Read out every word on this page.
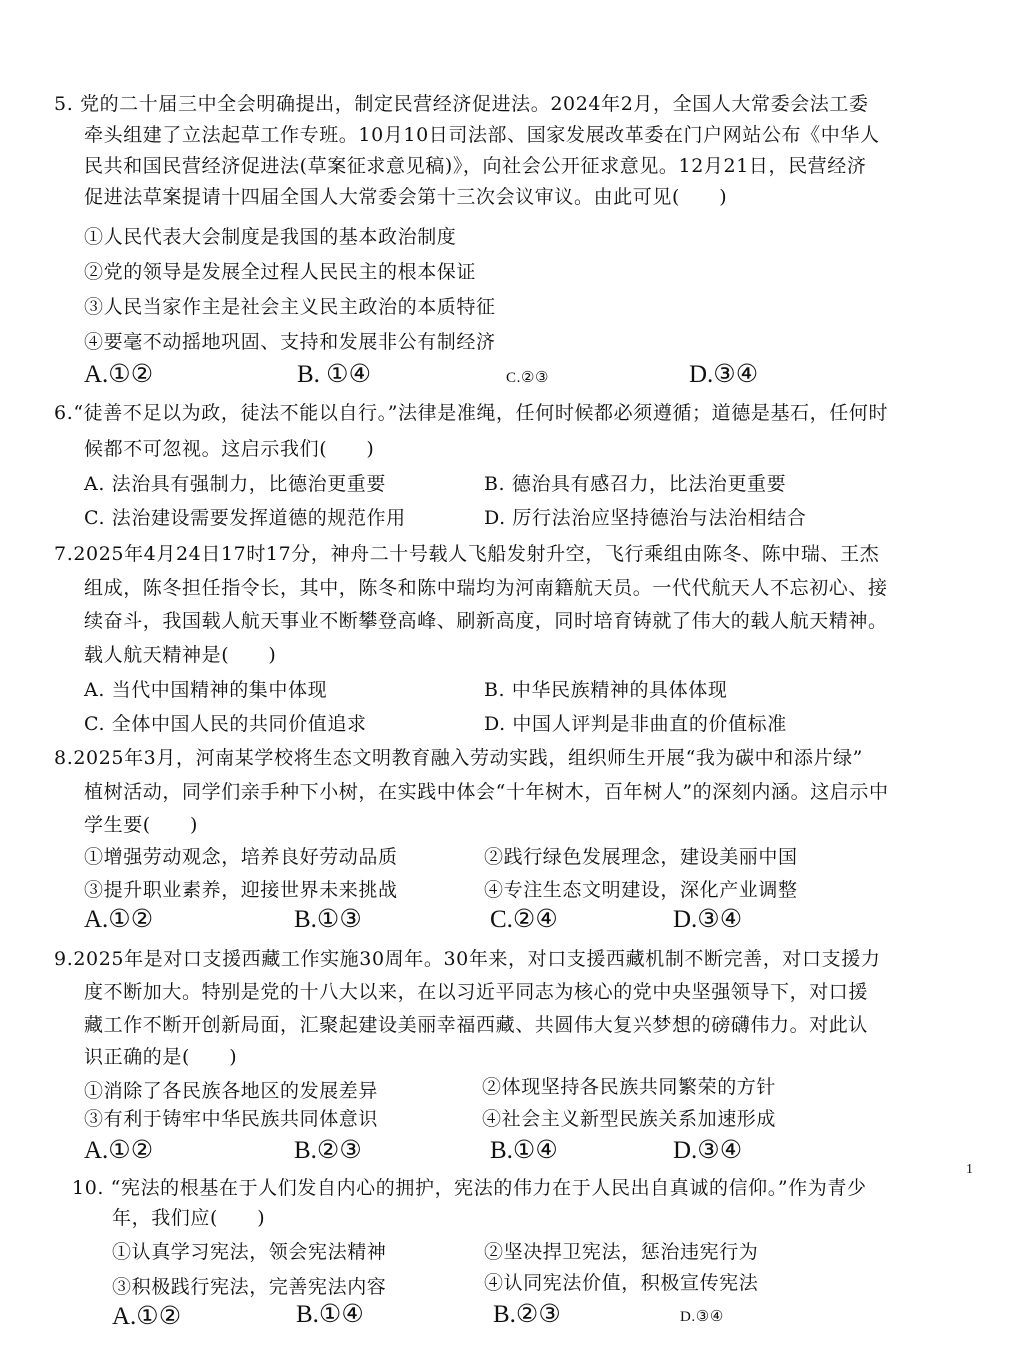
5. 党的二十届三中全会明确提出，制定民营经济促进法。2024年2月，全国人大常委会法工委
牵头组建了立法起草工作专班。10月10日司法部、国家发展改革委在门户网站公布《中华人
民共和国民营经济促进法(草案征求意见稿)》，向社会公开征求意见。12月21日，民营经济
促进法草案提请十四届全国人大常委会第十三次会议审议。由此可见(　　)
①人民代表大会制度是我国的基本政治制度
②党的领导是发展全过程人民民主的根本保证
③人民当家作主是社会主义民主政治的本质特征
④要毫不动摇地巩固、支持和发展非公有制经济
A.①②	B. ①④	C.②③	D.③④
6.“徒善不足以为政，徒法不能以自行。”法律是准绳，任何时候都必须遵循；道德是基石，任何时
候都不可忽视。这启示我们(　　)
A. 法治具有强制力，比德治更重要	B. 德治具有感召力，比法治更重要
C. 法治建设需要发挥道德的规范作用	D. 厉行法治应坚持德治与法治相结合
7.2025年4月24日17时17分，神舟二十号载人飞船发射升空，飞行乘组由陈冬、陈中瑞、王杰
组成，陈冬担任指令长，其中，陈冬和陈中瑞均为河南籍航天员。一代代航天人不忘初心、接
续奋斗，我国载人航天事业不断攀登高峰、刷新高度，同时培育铸就了伟大的载人航天精神。
载人航天精神是(　　)
A. 当代中国精神的集中体现	B. 中华民族精神的具体体现
C. 全体中国人民的共同价值追求	D. 中国人评判是非曲直的价值标准
8.2025年3月，河南某学校将生态文明教育融入劳动实践，组织师生开展“我为碳中和添片绿”
植树活动，同学们亲手种下小树，在实践中体会“十年树木，百年树人”的深刻内涵。这启示中
学生要(　　)
①增强劳动观念，培养良好劳动品质	②践行绿色发展理念，建设美丽中国
③提升职业素养，迎接世界未来挑战	④专注生态文明建设，深化产业调整
A.①②	B.①③	C.②④	D.③④
9.2025年是对口支援西藏工作实施30周年。30年来，对口支援西藏机制不断完善，对口支援力
度不断加大。特别是党的十八大以来，在以习近平同志为核心的党中央坚强领导下，对口援
藏工作不断开创新局面，汇聚起建设美丽幸福西藏、共圆伟大复兴梦想的磅礴伟力。对此认
识正确的是(　　)
①消除了各民族各地区的发展差异	②体现坚持各民族共同繁荣的方针
③有利于铸牢中华民族共同体意识	④社会主义新型民族关系加速形成
A.①②	B.②③	B.①④	D.③④
1
10. “宪法的根基在于人们发自内心的拥护，宪法的伟力在于人民出自真诚的信仰。”作为青少
年，我们应(　　)
①认真学习宪法，领会宪法精神	②坚决捍卫宪法，惩治违宪行为
③积极践行宪法，完善宪法内容	④认同宪法价值，积极宣传宪法
A.①②	B.①④	B.②③	D.③④
